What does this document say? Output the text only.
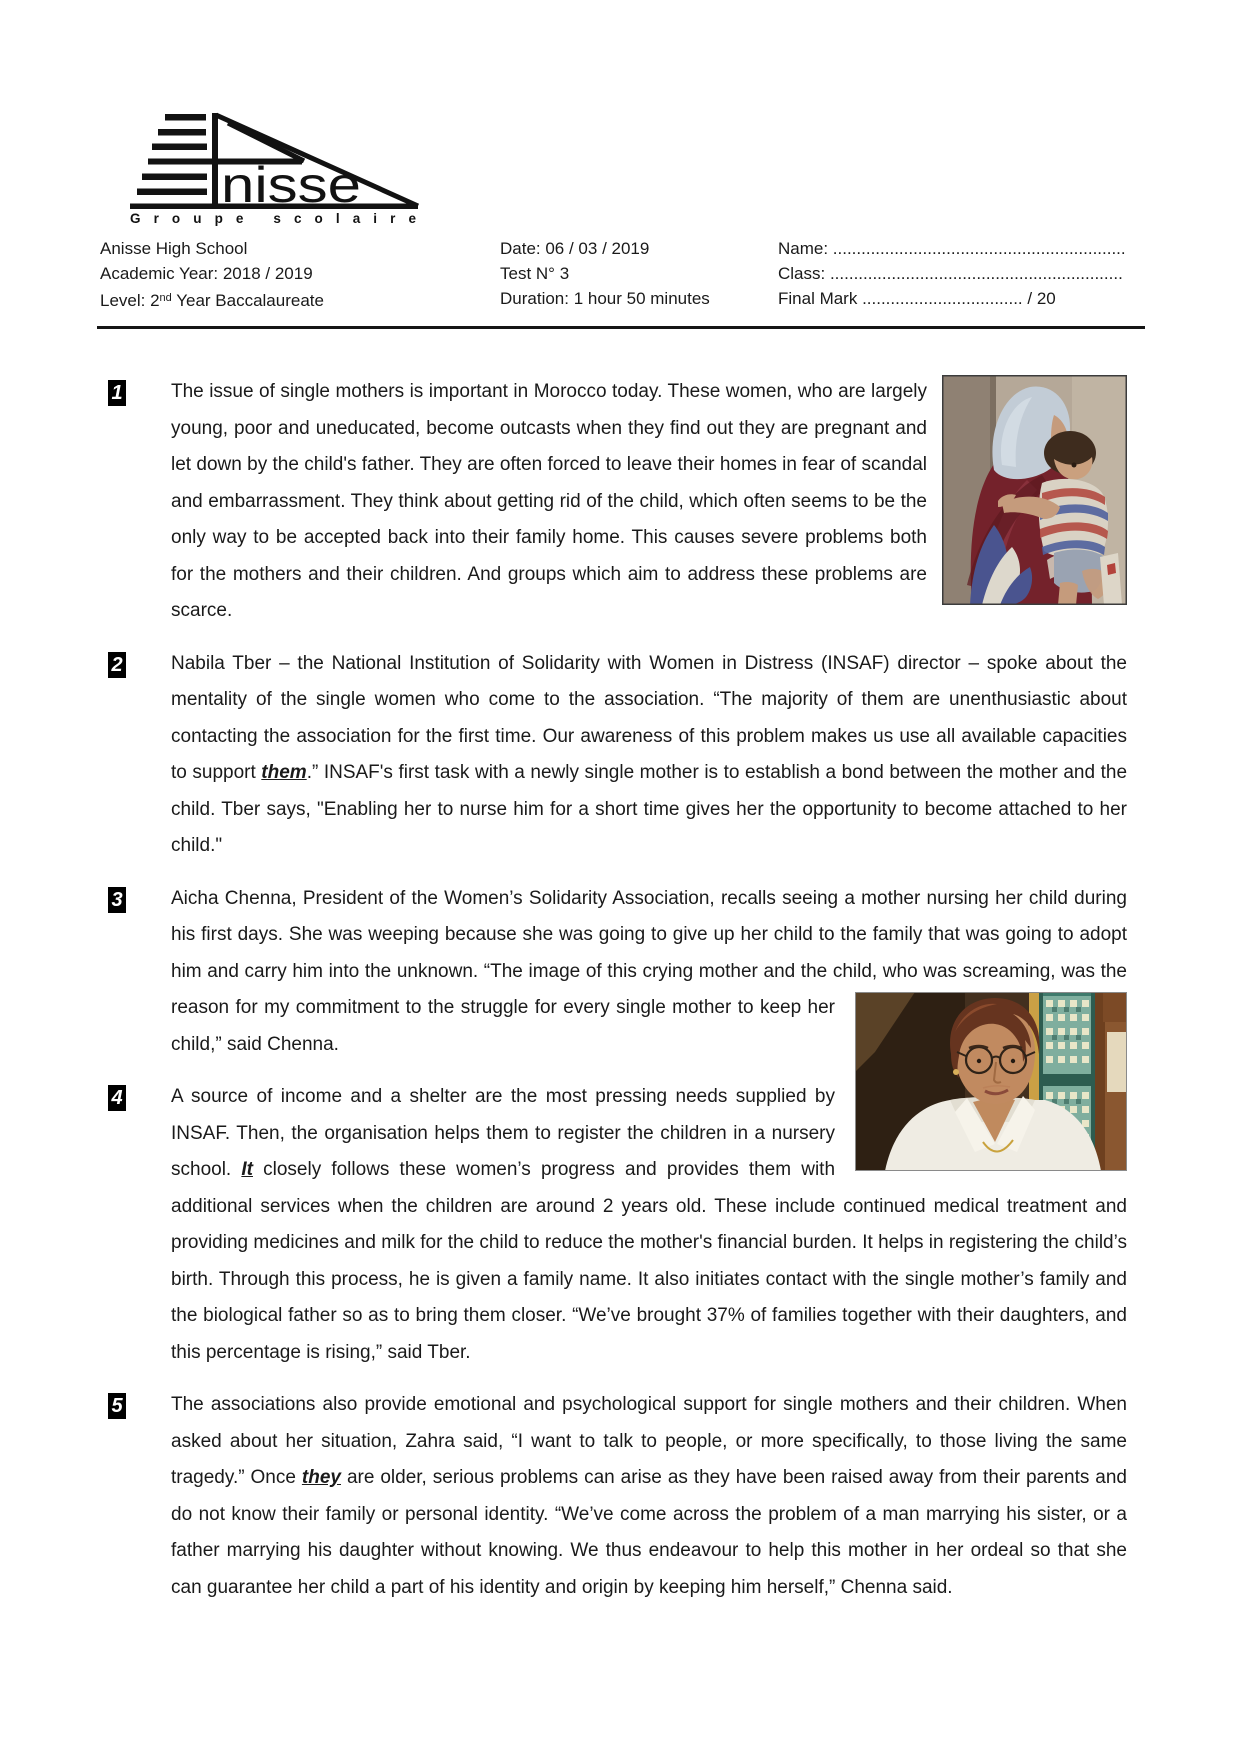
nisse
Groupe scolaire
Anisse High School
Academic Year: 2018 / 2019
Level: 2nd Year Baccalaureate
Date: 06 / 03 / 2019
Test N° 3
Duration: 1 hour 50 minutes
Name: ..............................................................
Class: ..............................................................
Final Mark .................................. / 20

1	The issue of single mothers is important in Morocco today. These women, who are largely young, poor and uneducated, become outcasts when they find out they are pregnant and let down by the child's father. They are often forced to leave their homes in fear of scandal and embarrassment. They think about getting rid of the child, which often seems to be the only way to be accepted back into their family home. This causes severe problems both for the mothers and their children. And groups which aim to address these problems are scarce.

2	Nabila Tber – the National Institution of Solidarity with Women in Distress (INSAF) director – spoke about the mentality of the single women who come to the association. “The majority of them are unenthusiastic about contacting the association for the first time. Our awareness of this problem makes us use all available capacities to support them.” INSAF's first task with a newly single mother is to establish a bond between the mother and the child. Tber says, "Enabling her to nurse him for a short time gives her the opportunity to become attached to her child."

3	Aicha Chenna, President of the Women’s Solidarity Association, recalls seeing a mother nursing her child during his first days. She was weeping because she was going to give up her child to the family that was going to adopt him and carry him into the unknown. “The image of this crying mother and the child, who
was screaming, was the reason for my commitment to the struggle for every single mother to keep her child,” said Chenna.

4	A source of income and a shelter are the most pressing needs supplied by INSAF. Then, the organisation helps them to register the children in a nursery school. It closely follows these women’s progress and provides them with additional services when the children are around 2 years old. These include continued medical treatment and providing medicines and milk for the child to reduce the mother's financial burden. It helps in registering the child’s birth. Through this process, he is given a family name. It also initiates contact with the single mother’s family and the biological father so as to bring them closer. “We’ve brought 37% of families together with their daughters, and this percentage is rising,” said Tber.

5	The associations also provide emotional and psychological support for single mothers and their children. When asked about her situation, Zahra said, “I want to talk to people, or more specifically, to those living the same tragedy.” Once they are older, serious problems can arise as they have been raised away from their parents and do not know their family or personal identity. “We’ve come across the problem of a man marrying his sister, or a father marrying his daughter without knowing. We thus endeavour to help this mother in her ordeal so that she can guarantee her child a part of his identity and origin by keeping him herself,” Chenna said.
